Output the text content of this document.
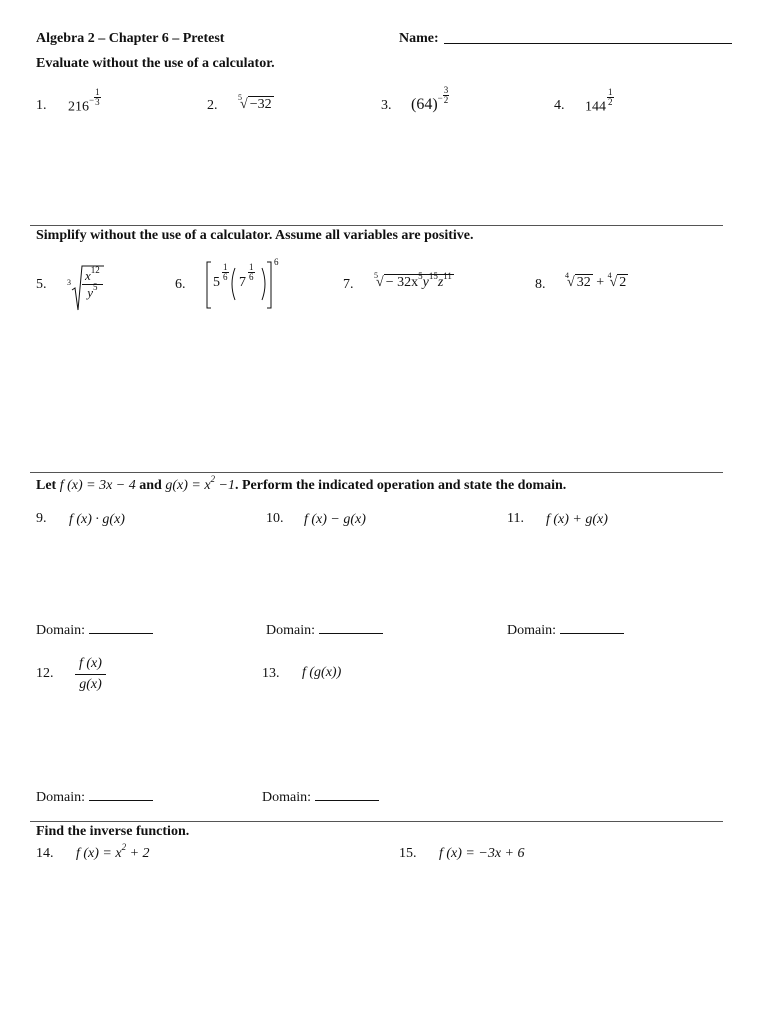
Algebra 2 – Chapter 6 – Pretest	Name:
Evaluate without the use of a calculator.
1. $216^- \frac{1}{3}$	2.
$^5$√ −32	3. $(64)^- \frac{3}{2}$
4. 144
$\frac{1}{2}$
Simplify without the use of a calculator. Assume all variables are positive.
5.	3 $x^{12}$
$y^5$	6. 5
$\frac{1}{6}$
7
$\frac{1}{6}$
6
7.
$^5√ - 32x^5y^{15}z^{11}$
8.
$^4$√ 32 + $^4$√ 2
Let f (x) = 3x − 4 and $g(x) = x^2 -1$. Perform the indicated operation and state the domain.
9. f (x) · g(x)	10. f (x) − g(x)	11. f (x) + g(x)
Domain:	Domain:	Domain:
12. $\frac{f (x)}{g(x)}$	13. f (g(x))
Domain:	Domain:
Find the inverse function.
14. f $(x) = x^2 + 2$	15. f (x) = −3x + 6
